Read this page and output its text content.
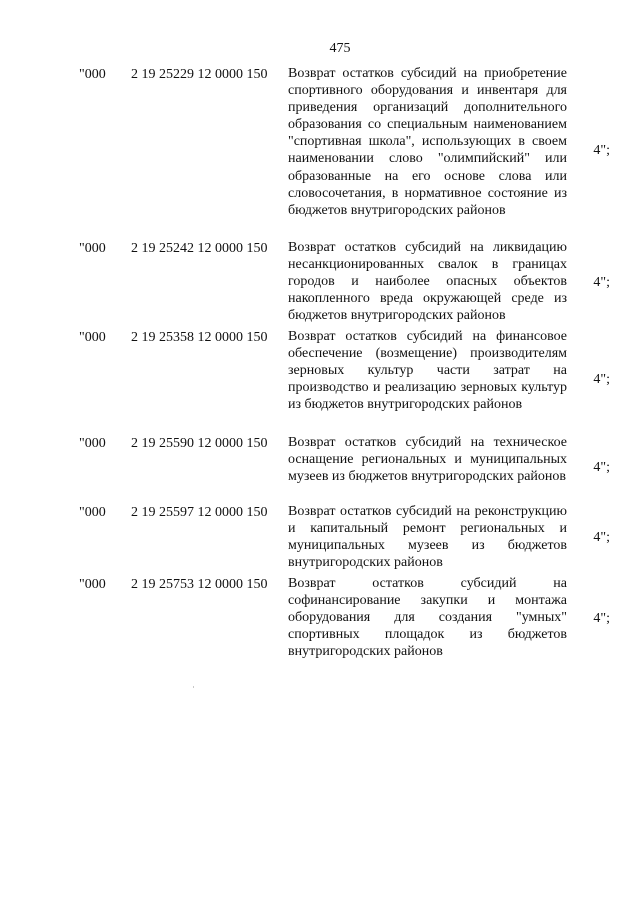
475
"000 2 19 25229 12 0000 150 Возврат остатков субсидий на приобретение спортивного оборудования и инвентаря для приведения организаций дополнительного образования со специальным наименованием "спортивная школа", использующих в своем наименовании слово "олимпийский" или образованные на его основе слова или словосочетания, в нормативное состояние из бюджетов внутригородских районов
4";
"000 2 19 25242 12 0000 150 Возврат остатков субсидий на ликвидацию несанкционированных свалок в границах городов и наиболее опасных объектов накопленного вреда окружающей среде из бюджетов внутригородских районов
4";
"000 2 19 25358 12 0000 150 Возврат остатков субсидий на финансовое обеспечение (возмещение) производителям зерновых культур части затрат на производство и реализацию зерновых культур из бюджетов внутригородских районов
4";
"000 2 19 25590 12 0000 150 Возврат остатков субсидий на техническое оснащение региональных и муниципальных музеев из бюджетов внутригородских районов
4";
"000 2 19 25597 12 0000 150 Возврат остатков субсидий на реконструкцию и капитальный ремонт региональных и муниципальных музеев из бюджетов внутригородских районов
4";
"000 2 19 25753 12 0000 150 Возврат остатков субсидий на софинансирование закупки и монтажа оборудования для создания "умных" спортивных площадок из бюджетов внутригородских районов
4";
